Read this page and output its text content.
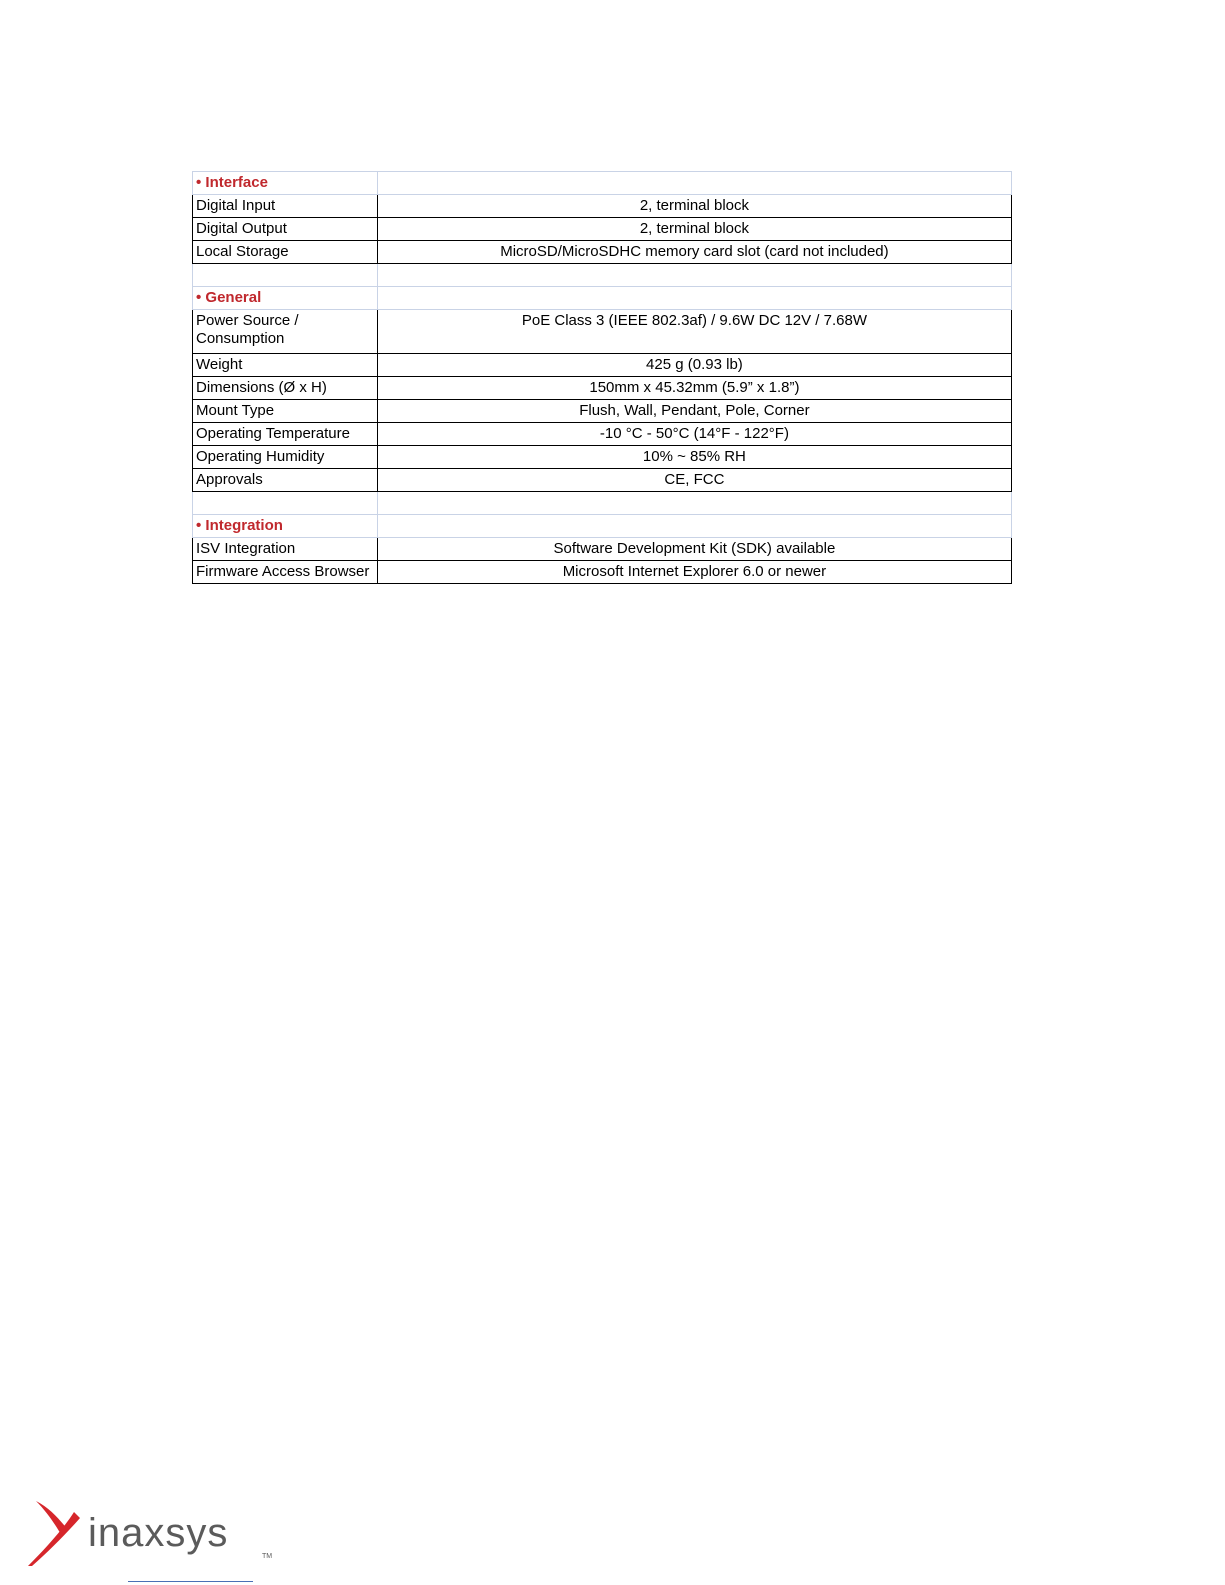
• Interface	
Digital Input	2, terminal block
Digital Output	2, terminal block
Local Storage	MicroSD/MicroSDHC memory card slot (card not included)

• General	
Power Source / Consumption	PoE Class 3 (IEEE 802.3af) / 9.6W DC 12V / 7.68W
Weight	425 g (0.93 lb)
Dimensions (Ø x H)	150mm x 45.32mm (5.9” x 1.8”)
Mount Type	Flush, Wall, Pendant, Pole, Corner
Operating Temperature	-10 °C - 50°C (14°F - 122°F)
Operating Humidity	10% ~ 85% RH
Approvals	CE, FCC

• Integration	
ISV Integration	Software Development Kit (SDK) available
Firmware Access Browser	Microsoft Internet Explorer 6.0 or newer
inaxsys
TM
